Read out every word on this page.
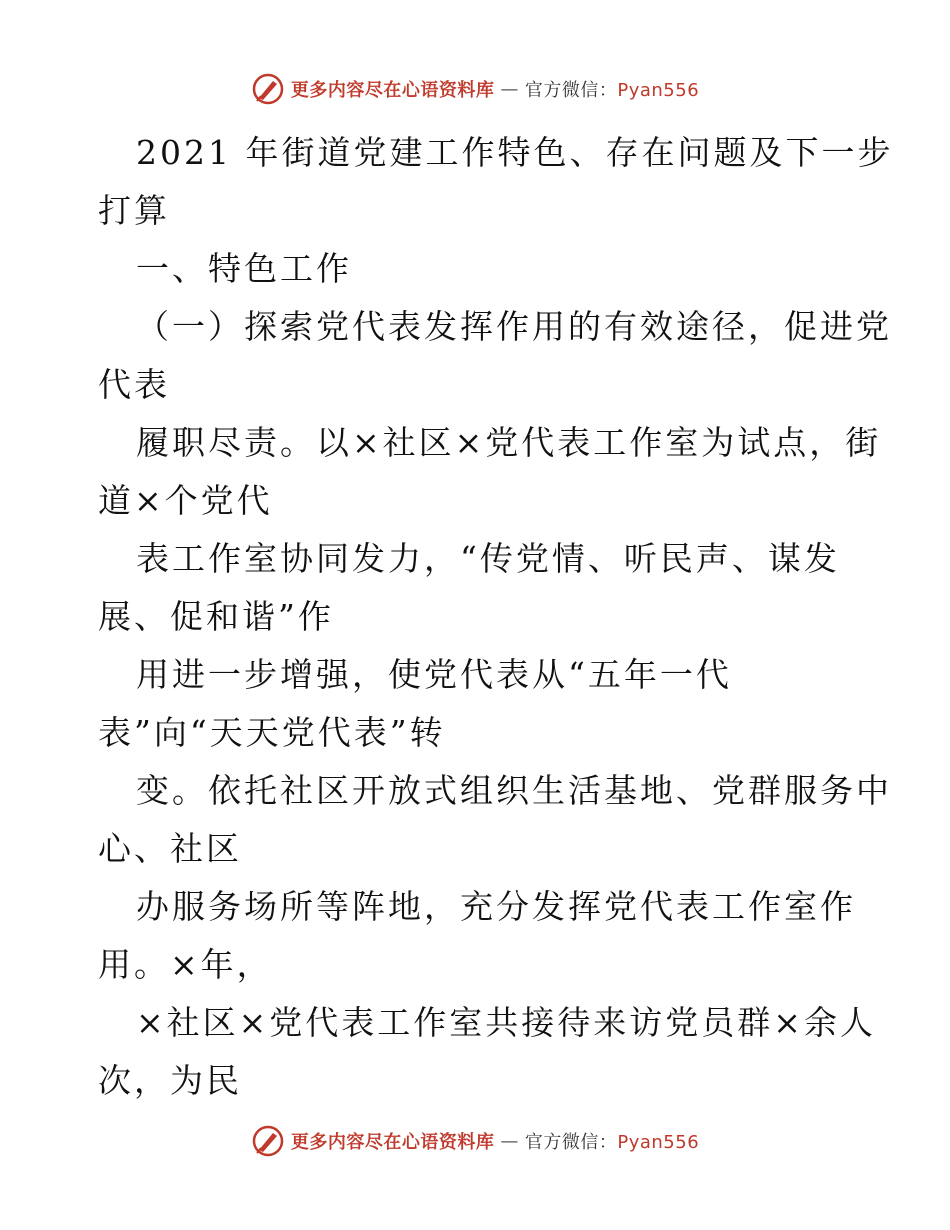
更多内容尽在心语资料库 — 官方微信：Pyan556
2021 年街道党建工作特色、存在问题及下一步
打算
一、特色工作
（一）探索党代表发挥作用的有效途径，促进党
代表
履职尽责。以×社区×党代表工作室为试点，街
道×个党代
表工作室协同发力，“传党情、听民声、谋发
展、促和谐”作
用进一步增强，使党代表从“五年一代
表”向“天天党代表”转
变。依托社区开放式组织生活基地、党群服务中
心、社区
办服务场所等阵地，充分发挥党代表工作室作
用。×年，
×社区×党代表工作室共接待来访党员群×余人
次，为民
更多内容尽在心语资料库 — 官方微信：Pyan556
